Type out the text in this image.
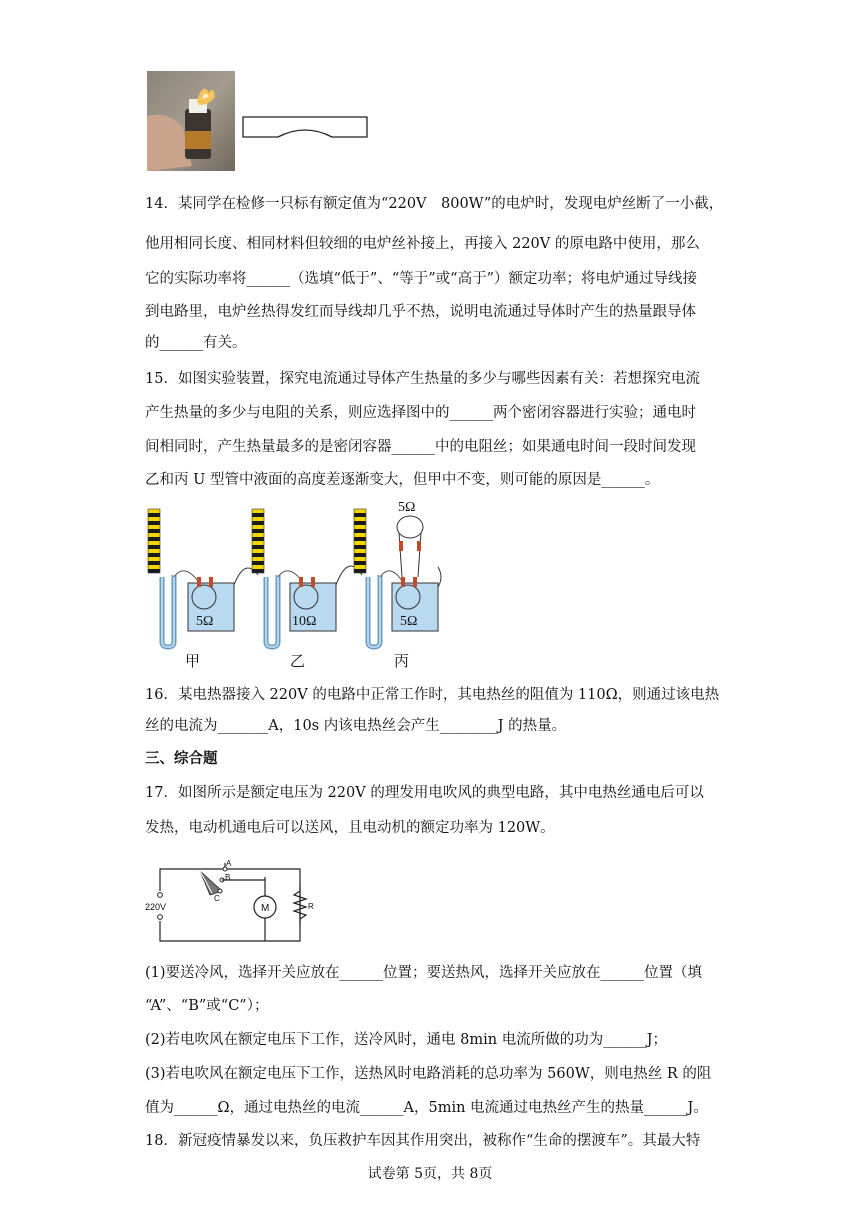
14．某同学在检修一只标有额定值为“220V　800W”的电炉时，发现电炉丝断了一小截，
他用相同长度、相同材料但较细的电炉丝补接上，再接入 220V 的原电路中使用，那么
它的实际功率将______（选填“低于”、“等于”或“高于”）额定功率；将电炉通过导线接
到电路里，电炉丝热得发红而导线却几乎不热，说明电流通过导体时产生的热量跟导体
的______有关。
15．如图实验装置，探究电流通过导体产生热量的多少与哪些因素有关：若想探究电流
产生热量的多少与电阻的关系，则应选择图中的______两个密闭容器进行实验；通电时
间相同时，产生热量最多的是密闭容器______中的电阻丝；如果通电时间一段时间发现
乙和丙 U 型管中液面的高度差逐渐变大，但甲中不变，则可能的原因是______。
5Ω	10Ω	5Ω
5Ω
甲	乙	丙
16．某电热器接入 220V 的电路中正常工作时，其电热丝的阻值为 110Ω，则通过该电热
丝的电流为_______A，10s 内该电热丝会产生________J 的热量。
三、综合题
17．如图所示是额定电压为 220V 的理发用电吹风的典型电路，其中电热丝通电后可以
发热，电动机通电后可以送风，且电动机的额定功率为 120W。
M	R
A
B
C
220V
(1)要送冷风，选择开关应放在______位置；要送热风，选择开关应放在______位置（填
“A”、“B”或“C”）；
(2)若电吹风在额定电压下工作，送冷风时，通电 8min 电流所做的功为______J；
(3)若电吹风在额定电压下工作，送热风时电路消耗的总功率为 560W，则电热丝 R 的阻
值为______Ω，通过电热丝的电流______A，5min 电流通过电热丝产生的热量______J。
18．新冠疫情暴发以来，负压救护车因其作用突出，被称作“生命的摆渡车”。其最大特
试卷第 5页，共 8页
